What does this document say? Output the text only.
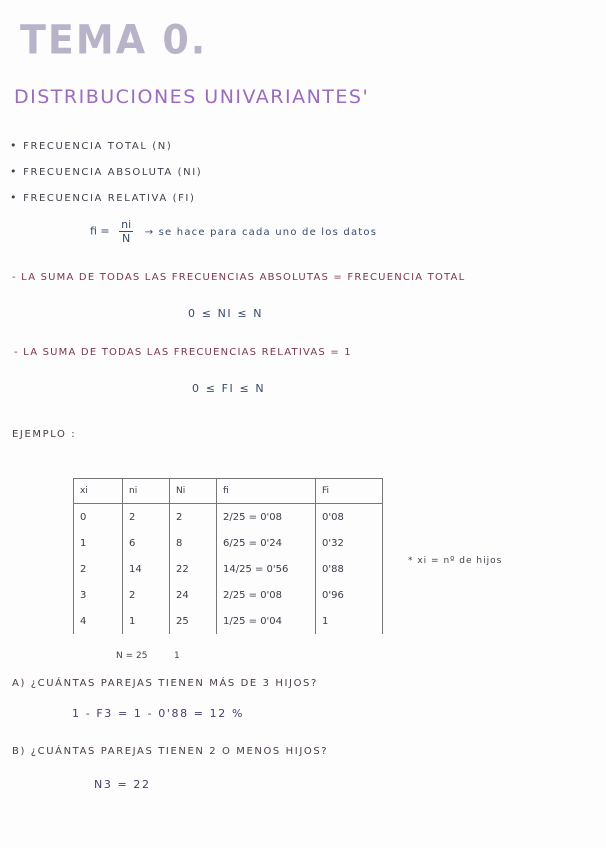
TEMA 0.
DISTRIBUCIONES UNIVARIANTES'
• FRECUENCIA TOTAL (N)
• FRECUENCIA ABSOLUTA (NI)
• FRECUENCIA RELATIVA (FI)
fi = $\frac{ni}{N}$ → se hace para cada uno de los datos
- LA SUMA DE TODAS LAS FRECUENCIAS ABSOLUTAS = FRECUENCIA TOTAL
0 ≤ NI ≤ N
- LA SUMA DE TODAS LAS FRECUENCIAS RELATIVAS = 1
0 ≤ FI ≤ N
EJEMPLO :
xi	ni	Ni	fi	Fi
0	2	2	2/25 = 0'08	0'08
1	6	8	6/25 = 0'24	0'32
2	14	22	14/25 = 0'56	0'88
3	2	24	2/25 = 0'08	0'96
4	1	25	1/25 = 0'04	1
N = 25	1
* xi = nº de hijos
A) ¿CUÁNTAS PAREJAS TIENEN MÁS DE 3 HIJOS?
1 - F3 = 1 - 0'88 = 12 %
B) ¿CUÁNTAS PAREJAS TIENEN 2 O MENOS HIJOS?
N3 = 22
